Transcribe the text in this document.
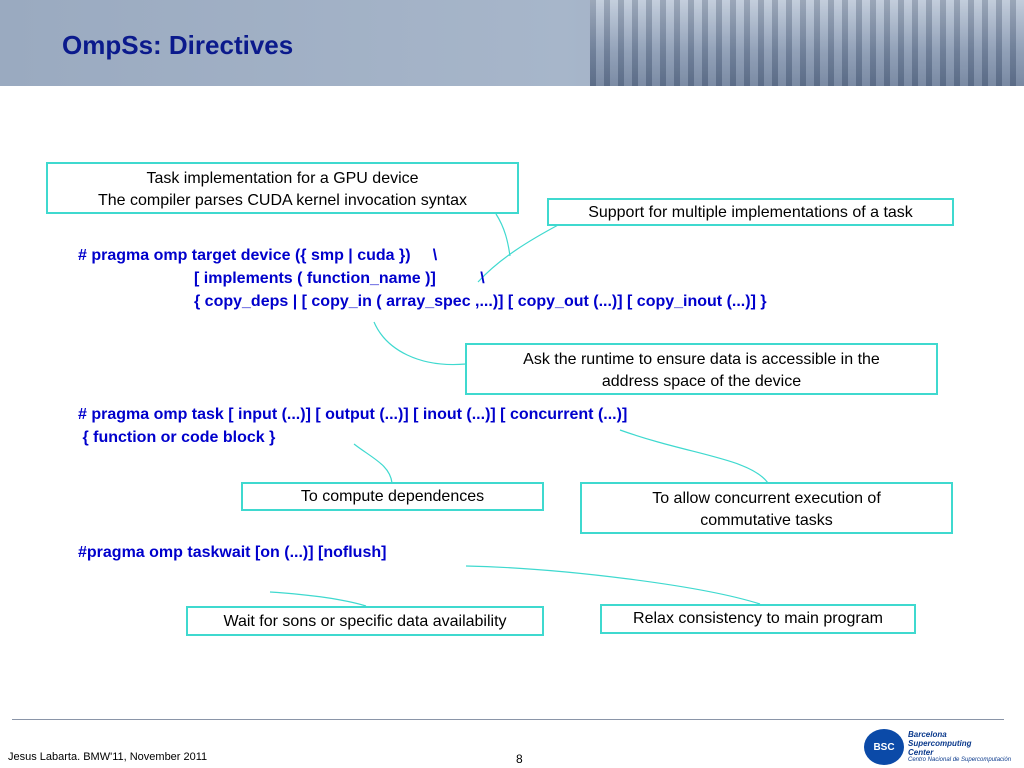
OmpSs: Directives
Task implementation for a GPU device
The compiler parses CUDA kernel invocation syntax
Support for multiple implementations of a task

# pragma omp target device ({ smp | cuda })     \

[ implements ( function_name )]          \

{ copy_deps | [ copy_in ( array_spec ,...)] [ copy_out (...)] [ copy_inout (...)] }

Ask the runtime to ensure data is accessible in the
address space of the device

# pragma omp task [ input (...)] [ output (...)] [ inout (...)] [ concurrent (...)]

{ function or code block }

To compute dependences	To allow concurrent execution of
commutative tasks

#pragma omp taskwait [on (...)] [noflush]

Wait for sons or specific data availability	Relax consistency to main program
Jesus Labarta. BMW'11, November 2011	8
BSC
Barcelona
Supercomputing
Center
Centro Nacional de Supercomputación
